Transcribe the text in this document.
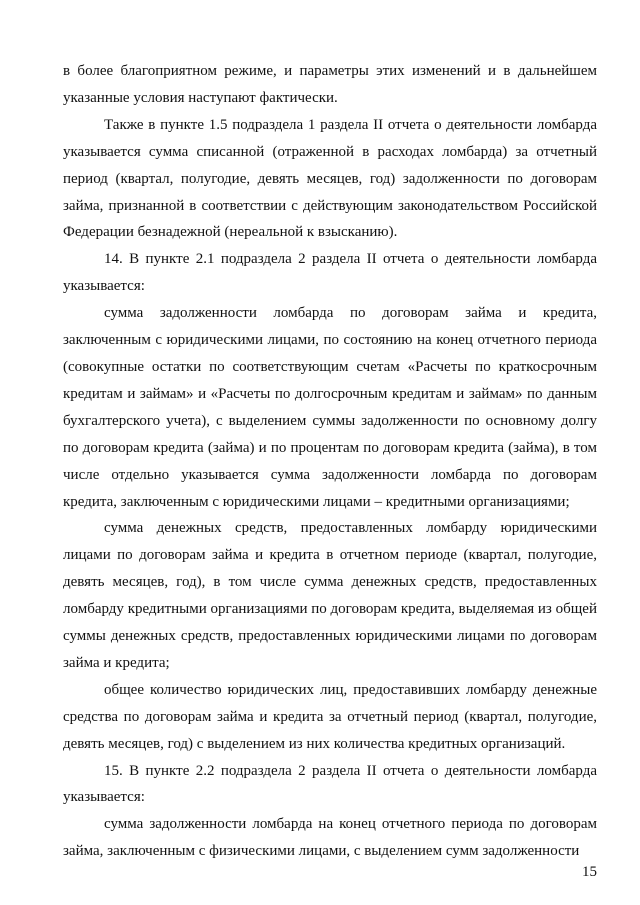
в более благоприятном режиме, и параметры этих изменений и в дальнейшем указанные условия наступают фактически.

Также в пункте 1.5 подраздела 1 раздела II отчета о деятельности ломбарда указывается сумма списанной (отраженной в расходах ломбарда) за отчетный период (квартал, полугодие, девять месяцев, год) задолженности по договорам займа, признанной в соответствии с действующим законодательством Российской Федерации безнадежной (нереальной к взысканию).

14. В пункте 2.1 подраздела 2 раздела II отчета о деятельности ломбарда указывается:

сумма задолженности ломбарда по договорам займа и кредита, заключенным с юридическими лицами, по состоянию на конец отчетного периода (совокупные остатки по соответствующим счетам «Расчеты по краткосрочным кредитам и займам» и «Расчеты по долгосрочным кредитам и займам» по данным бухгалтерского учета), с выделением суммы задолженности по основному долгу по договорам кредита (займа) и по процентам по договорам кредита (займа), в том числе отдельно указывается сумма задолженности ломбарда по договорам кредита, заключенным с юридическими лицами – кредитными организациями;

сумма денежных средств, предоставленных ломбарду юридическими лицами по договорам займа и кредита в отчетном периоде (квартал, полугодие, девять месяцев, год), в том числе сумма денежных средств, предоставленных ломбарду кредитными организациями по договорам кредита, выделяемая из общей суммы денежных средств, предоставленных юридическими лицами по договорам займа и кредита;

общее количество юридических лиц, предоставивших ломбарду денежные средства по договорам займа и кредита за отчетный период (квартал, полугодие, девять месяцев, год) с выделением из них количества кредитных организаций.

15. В пункте 2.2 подраздела 2 раздела II отчета о деятельности ломбарда указывается:

сумма задолженности ломбарда на конец отчетного периода по договорам займа, заключенным с физическими лицами, с выделением сумм задолженности

15
